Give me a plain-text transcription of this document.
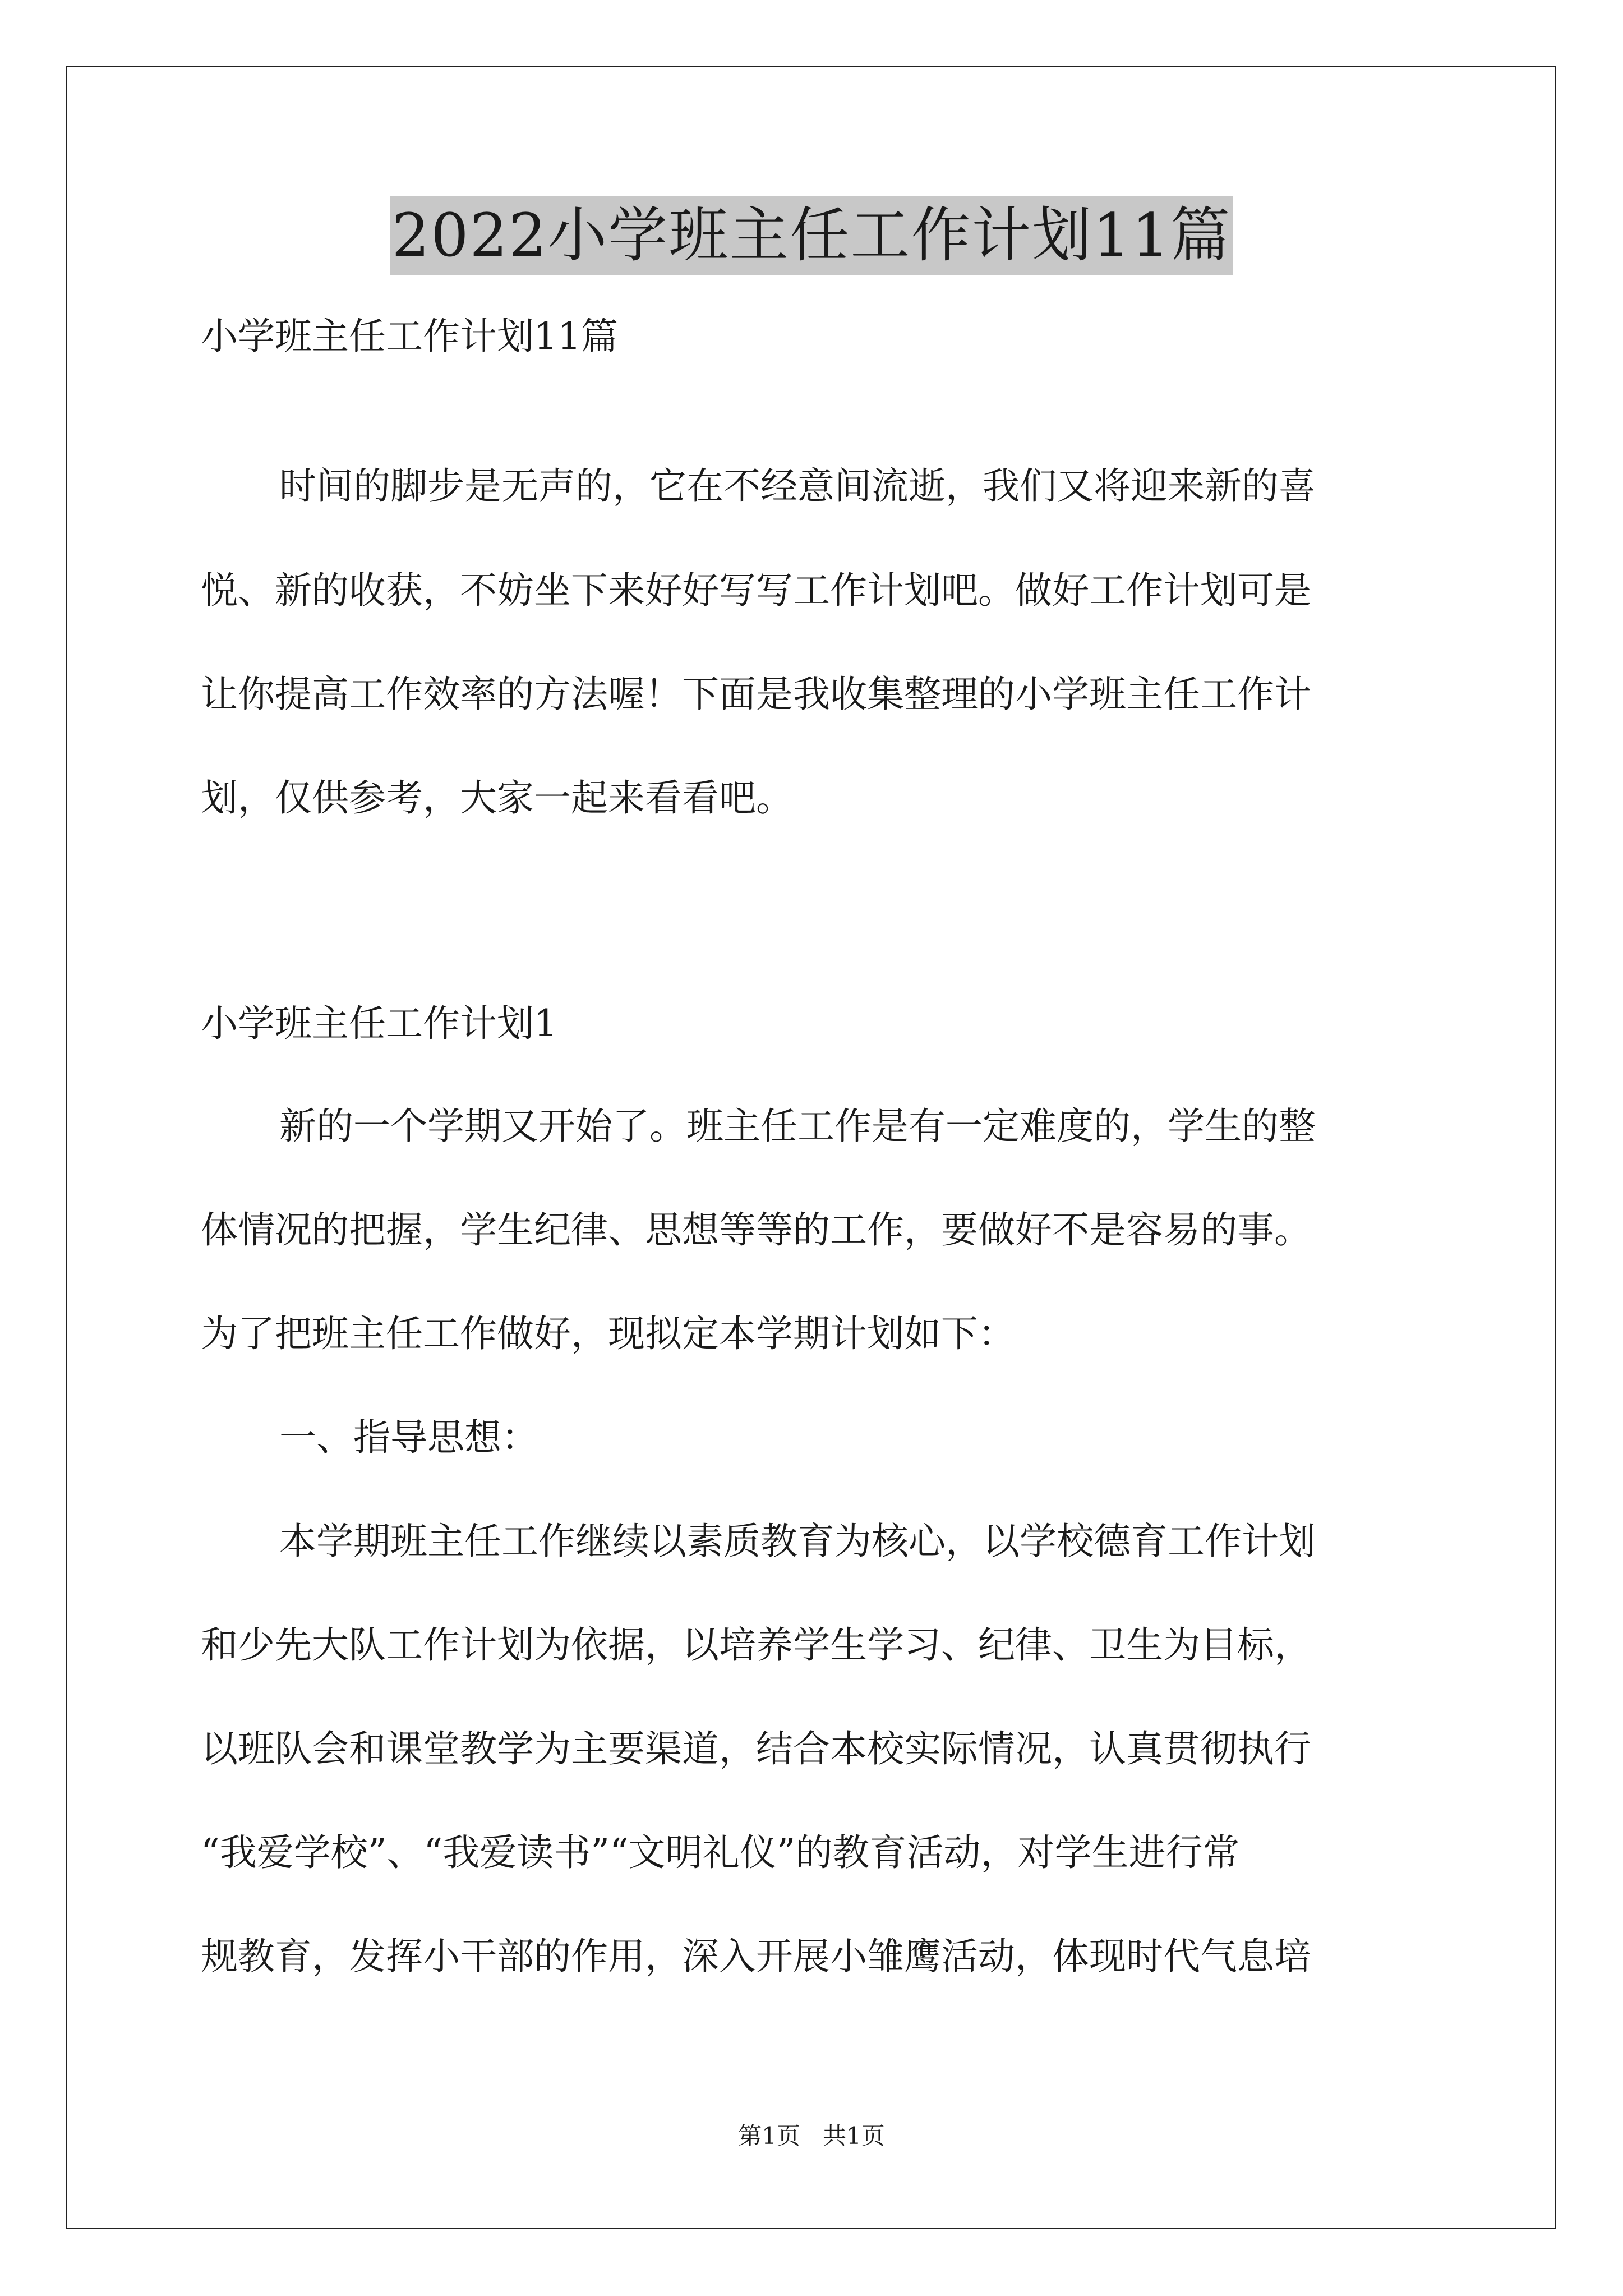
2022小学班主任工作计划11篇
小学班主任工作计划11篇
时间的脚步是无声的，它在不经意间流逝，我们又将迎来新的喜
悦、新的收获，不妨坐下来好好写写工作计划吧。做好工作计划可是
让你提高工作效率的方法喔！下面是我收集整理的小学班主任工作计
划，仅供参考，大家一起来看看吧。
小学班主任工作计划1
新的一个学期又开始了。班主任工作是有一定难度的，学生的整
体情况的把握，学生纪律、思想等等的工作，要做好不是容易的事。
为了把班主任工作做好，现拟定本学期计划如下：
一、指导思想：
本学期班主任工作继续以素质教育为核心，以学校德育工作计划
和少先大队工作计划为依据，以培养学生学习、纪律、卫生为目标，
以班队会和课堂教学为主要渠道，结合本校实际情况，认真贯彻执行
“我爱学校”、“我爱读书”“文明礼仪”的教育活动，对学生进行常
规教育，发挥小干部的作用，深入开展小雏鹰活动，体现时代气息培
第1页   共1页
